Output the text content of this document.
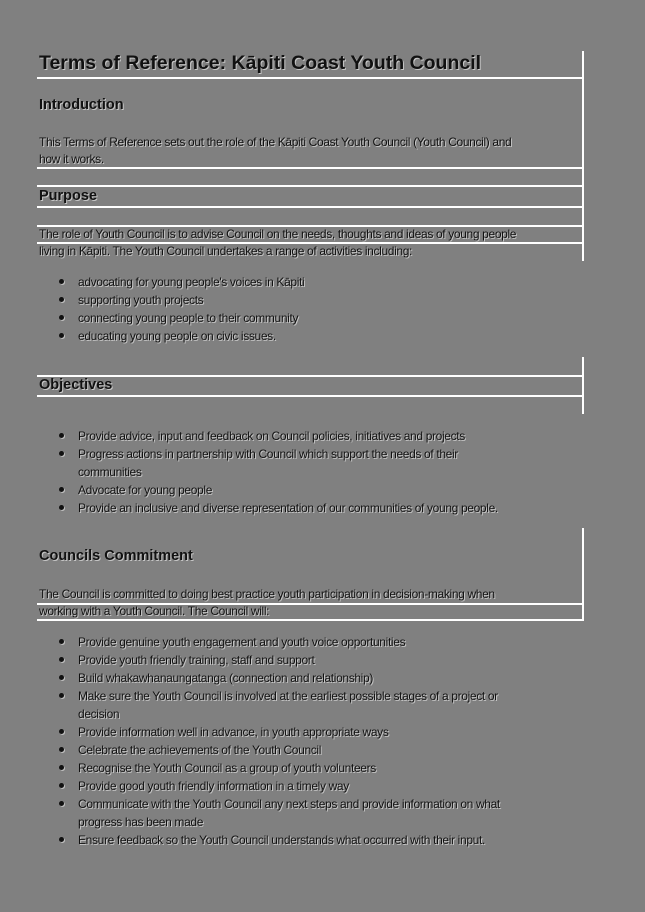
Terms of Reference: Kāpiti Coast Youth Council
Introduction
This Terms of Reference sets out the role of the Kāpiti Coast Youth Council (Youth Council) and
how it works.
Purpose
The role of Youth Council is to advise Council on the needs, thoughts and ideas of young people
living in Kāpiti. The Youth Council undertakes a range of activities including:
advocating for young people's voices in Kāpiti
supporting youth projects
connecting young people to their community
educating young people on civic issues.
Objectives
Provide advice, input and feedback on Council policies, initiatives and projects
Progress actions in partnership with Council which support the needs of their
communities
Advocate for young people
Provide an inclusive and diverse representation of our communities of young people.
Councils Commitment
The Council is committed to doing best practice youth participation in decision-making when
working with a Youth Council. The Council will:
Provide genuine youth engagement and youth voice opportunities
Provide youth friendly training, staff and support
Build whakawhanaungatanga (connection and relationship)
Make sure the Youth Council is involved at the earliest possible stages of a project or
decision
Provide information well in advance, in youth appropriate ways
Celebrate the achievements of the Youth Council
Recognise the Youth Council as a group of youth volunteers
Provide good youth friendly information in a timely way
Communicate with the Youth Council any next steps and provide information on what
progress has been made
Ensure feedback so the Youth Council understands what occurred with their input.
